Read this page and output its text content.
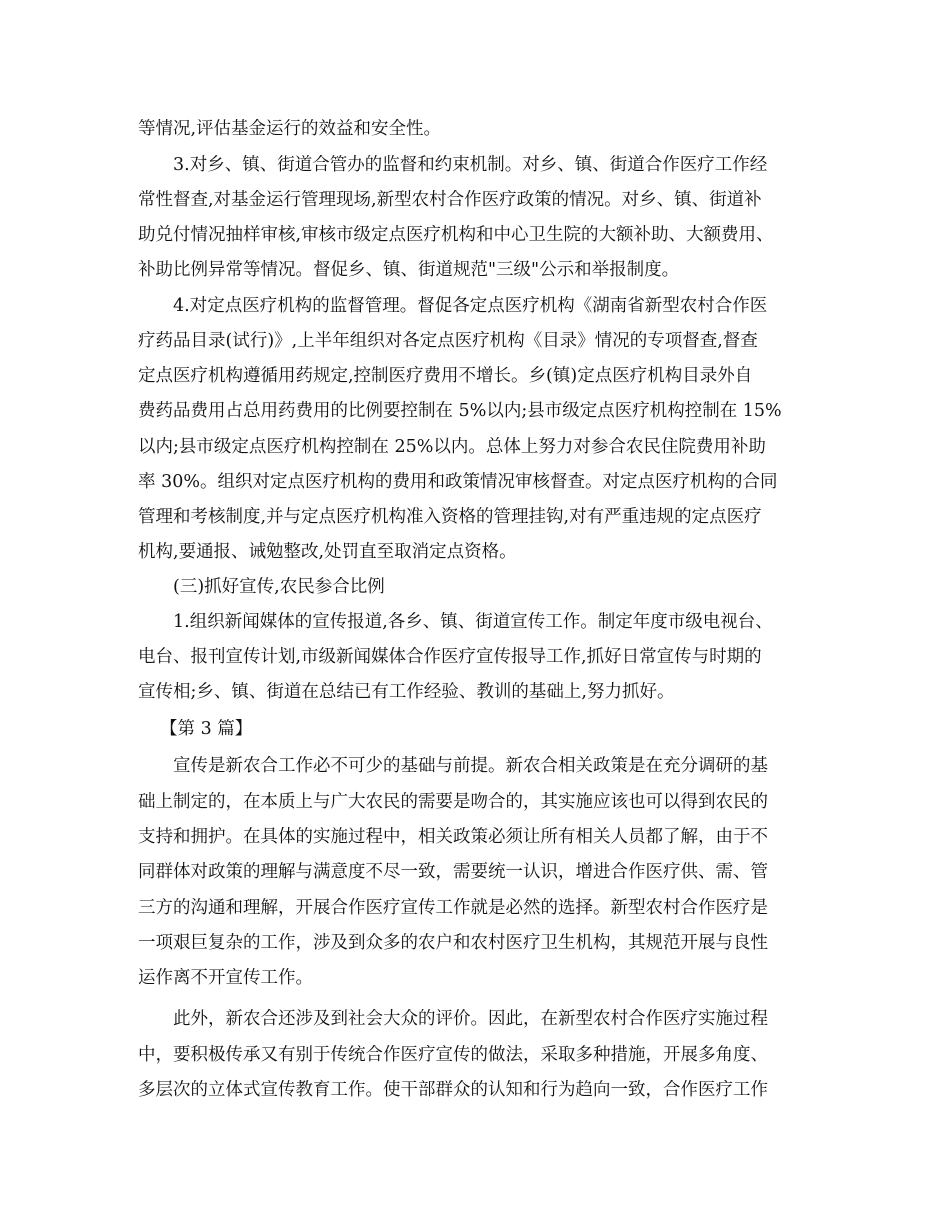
等情况,评估基金运行的效益和安全性。

3.对乡、镇、街道合管办的监督和约束机制。对乡、镇、街道合作医疗工作经

常性督查,对基金运行管理现场,新型农村合作医疗政策的情况。对乡、镇、街道补
助兑付情况抽样审核,审核市级定点医疗机构和中心卫生院的大额补助、大额费用、
补助比例异常等情况。督促乡、镇、街道规范"三级"公示和举报制度。

4.对定点医疗机构的监督管理。督促各定点医疗机构《湖南省新型农村合作医

疗药品目录(试行)》,上半年组织对各定点医疗机构《目录》情况的专项督查,督查
定点医疗机构遵循用药规定,控制医疗费用不增长。乡(镇)定点医疗机构目录外自
费药品费用占总用药费用的比例要控制在 5%以内;县市级定点医疗机构控制在 15%
以内;县市级定点医疗机构控制在 25%以内。总体上努力对参合农民住院费用补助
率 30%。组织对定点医疗机构的费用和政策情况审核督查。对定点医疗机构的合同
管理和考核制度,并与定点医疗机构准入资格的管理挂钩,对有严重违规的定点医疗
机构,要通报、诫勉整改,处罚直至取消定点资格。

(三)抓好宣传,农民参合比例

1.组织新闻媒体的宣传报道,各乡、镇、街道宣传工作。制定年度市级电视台、

电台、报刊宣传计划,市级新闻媒体合作医疗宣传报导工作,抓好日常宣传与时期的
宣传相;乡、镇、街道在总结已有工作经验、教训的基础上,努力抓好。

【第 3 篇】

宣传是新农合工作必不可少的基础与前提。新农合相关政策是在充分调研的基

础上制定的，在本质上与广大农民的需要是吻合的，其实施应该也可以得到农民的
支持和拥护。在具体的实施过程中，相关政策必须让所有相关人员都了解，由于不
同群体对政策的理解与满意度不尽一致，需要统一认识，增进合作医疗供、需、管
三方的沟通和理解，开展合作医疗宣传工作就是必然的选择。新型农村合作医疗是
一项艰巨复杂的工作，涉及到众多的农户和农村医疗卫生机构，其规范开展与良性
运作离不开宣传工作。

此外，新农合还涉及到社会大众的评价。因此，在新型农村合作医疗实施过程

中，要积极传承又有别于传统合作医疗宣传的做法，采取多种措施，开展多角度、
多层次的立体式宣传教育工作。使干部群众的认知和行为趋向一致，合作医疗工作
